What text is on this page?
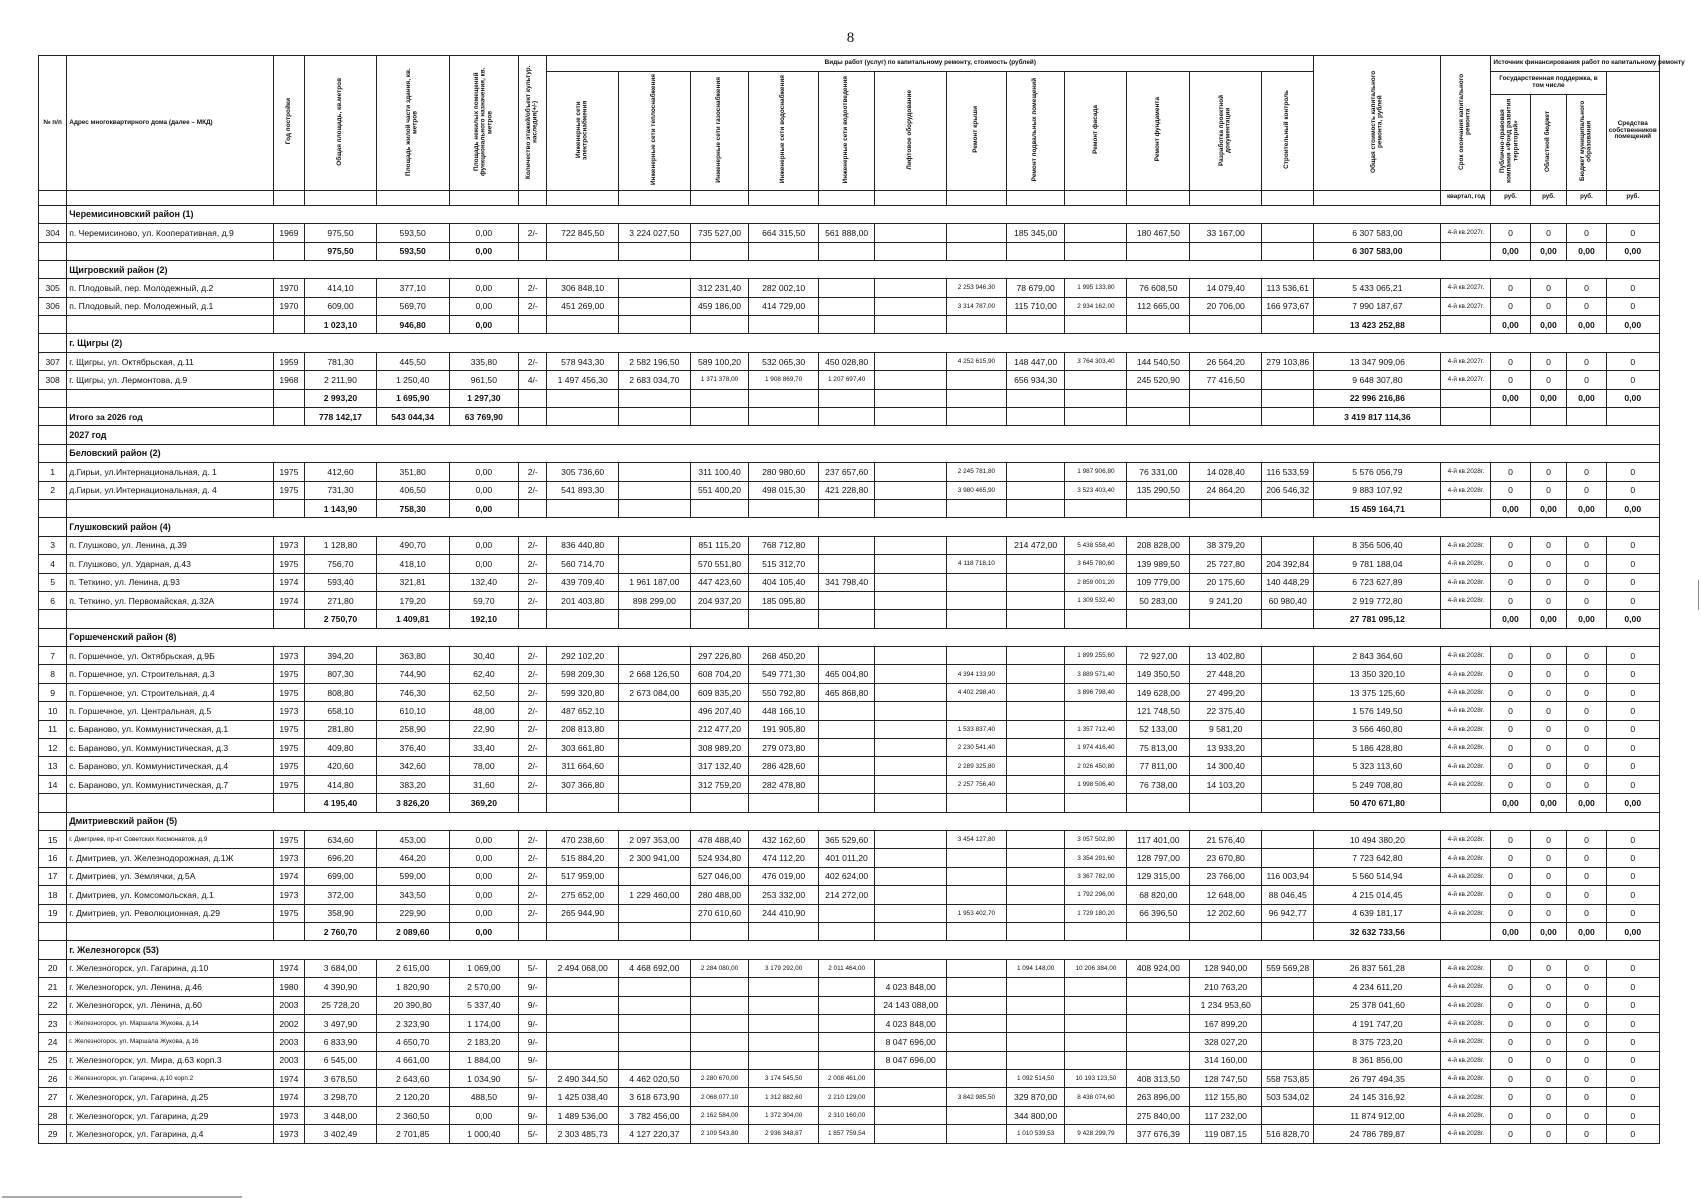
8
№ п/п	Адрес многоквартирного дома (далее – МКД)	Год постройки	Общая площадь, кв.метров	Площадь жилой части здания, кв. метров	Площадь нежилых помещений функционального назначения, кв. метров	Количество этажей/объект культур. наследия(+/-)	Виды работ (услуг) по капитальному ремонту, стоимость (рублей)												Общая стоимость капитального ремонта, рублей	Срок окончания капитального ремонта	Источник финансирования работ по капитальному ремонту			
							Инженерные сети электроснабжения	Инженерные сети теплоснабжения	Инженерные сети газоснабжения	Инженерные сети водоснабжения	Инженерные сети водоотведения	Лифтовое оборудование	Ремонт крыши	Ремонт подвальных помещений	Ремонт фасада	Ремонт фундамента	Разработка проектной документации	Строительный контроль			Государственная поддержка, в том числе			Средства собственников помещений
																					Публично-правовая компания «Фонд развития территорий»	Областной бюджет	Бюджет муниципального образования	
																				квартал, год	руб.	руб.	руб.	руб.
	Черемисиновский район (1)																							
304	п. Черемисиново, ул. Кооперативная, д.9	1969	975,50	593,50	0,00	2/-	722 845,50	3 224 027,50	735 527,00	664 315,50	561 888,00			185 345,00		180 467,50	33 167,00		6 307 583,00	4-й кв.2027г.	0	0	0	0
			975,50	593,50	0,00														6 307 583,00		0,00	0,00	0,00	0,00
	Щигровский район (2)																							
305	п. Плодовый, пер. Молодежный, д.2	1970	414,10	377,10	0,00	2/-	306 848,10		312 231,40	282 002,10			2 253 946,30	78 679,00	1 995 133,80	76 608,50	14 079,40	113 536,61	5 433 065,21	4-й кв.2027г.	0	0	0	0
306	п. Плодовый, пер. Молодежный, д.1	1970	609,00	569,70	0,00	2/-	451 269,00		459 186,00	414 729,00			3 314 787,00	115 710,00	2 934 162,00	112 665,00	20 706,00	166 973,67	7 990 187,67	4-й кв.2027г.	0	0	0	0
			1 023,10	946,80	0,00														13 423 252,88		0,00	0,00	0,00	0,00
	г. Щигры (2)																							
307	г. Щигры, ул. Октябрьская, д.11	1959	781,30	445,50	335,80	2/-	578 943,30	2 582 196,50	589 100,20	532 065,30	450 028,80		4 252 615,90	148 447,00	3 764 303,40	144 540,50	26 564,20	279 103,86	13 347 909,06	4-й кв.2027г.	0	0	0	0
308	г. Щигры, ул. Лермонтова, д.9	1968	2 211,90	1 250,40	961,50	4/-	1 497 456,30	2 683 034,70	1 371 378,00	1 908 869,70	1 207 697,40			656 934,30		245 520,90	77 416,50		9 648 307,80	4-й кв.2027г.	0	0	0	0
			2 993,20	1 695,90	1 297,30														22 996 216,86		0,00	0,00	0,00	0,00
	Итого за 2026 год		778 142,17	543 044,34	63 769,90														3 419 817 114,36					
	2027 год																							
	Беловский район (2)																							
1	д.Гирьи, ул.Интернациональная, д. 1	1975	412,60	351,80	0,00	2/-	305 736,60		311 100,40	280 980,60	237 657,60		2 245 781,80		1 987 906,80	76 331,00	14 028,40	116 533,59	5 576 056,79	4-й кв.2028г.	0	0	0	0
2	д.Гирьи, ул.Интернациональная, д. 4	1975	731,30	406,50	0,00	2/-	541 893,30		551 400,20	498 015,30	421 228,80		3 980 465,90		3 523 403,40	135 290,50	24 864,20	206 546,32	9 883 107,92	4-й кв.2028г.	0	0	0	0
			1 143,90	758,30	0,00														15 459 164,71		0,00	0,00	0,00	0,00
	Глушковский район (4)																							
3	п. Глушково, ул. Ленина, д.39	1973	1 128,80	490,70	0,00	2/-	836 440,80		851 115,20	768 712,80				214 472,00	5 438 558,40	208 828,00	38 379,20		8 356 506,40	4-й кв.2028г.	0	0	0	0
4	п. Глушково, ул. Ударная, д.43	1975	756,70	418,10	0,00	2/-	560 714,70		570 551,80	515 312,70			4 118 718,10		3 645 780,60	139 989,50	25 727,80	204 392,84	9 781 188,04	4-й кв.2028г.	0	0	0	0
5	п. Теткино, ул. Ленина, д.93	1974	593,40	321,81	132,40	2/-	439 709,40	1 961 187,00	447 423,60	404 105,40	341 798,40				2 859 001,20	109 779,00	20 175,60	140 448,29	6 723 627,89	4-й кв.2028г.	0	0	0	0
6	п. Теткино, ул. Первомайская, д.32А	1974	271,80	179,20	59,70	2/-	201 403,80	898 299,00	204 937,20	185 095,80					1 309 532,40	50 283,00	9 241,20	60 980,40	2 919 772,80	4-й кв.2028г.	0	0	0	0
			2 750,70	1 409,81	192,10														27 781 095,12		0,00	0,00	0,00	0,00
	Горшеченский район (8)																							
7	п. Горшечное, ул. Октябрьская, д.9Б	1973	394,20	363,80	30,40	2/-	292 102,20		297 226,80	268 450,20					1 899 255,60	72 927,00	13 402,80		2 843 364,60	4-й кв.2028г.	0	0	0	0
8	п. Горшечное, ул. Строительная, д.3	1975	807,30	744,90	62,40	2/-	598 209,30	2 668 126,50	608 704,20	549 771,30	465 004,80		4 394 133,90		3 889 571,40	149 350,50	27 448,20		13 350 320,10	4-й кв.2028г.	0	0	0	0
9	п. Горшечное, ул. Строительная, д.4	1975	808,80	746,30	62,50	2/-	599 320,80	2 673 084,00	609 835,20	550 792,80	465 868,80		4 402 298,40		3 896 798,40	149 628,00	27 499,20		13 375 125,60	4-й кв.2028г.	0	0	0	0
10	п. Горшечное, ул. Центральная, д.5	1973	658,10	610,10	48,00	2/-	487 652,10		496 207,40	448 166,10						121 748,50	22 375,40		1 576 149,50	4-й кв.2028г.	0	0	0	0
11	с. Бараново, ул. Коммунистическая, д.1	1975	281,80	258,90	22,90	2/-	208 813,80		212 477,20	191 905,80			1 533 837,40		1 357 712,40	52 133,00	9 581,20		3 566 460,80	4-й кв.2028г.	0	0	0	0
12	с. Бараново, ул. Коммунистическая, д.3	1975	409,80	376,40	33,40	2/-	303 661,80		308 989,20	279 073,80			2 230 541,40		1 974 416,40	75 813,00	13 933,20		5 186 428,80	4-й кв.2028г.	0	0	0	0
13	с. Бараново, ул. Коммунистическая, д.4	1975	420,60	342,60	78,00	2/-	311 664,60		317 132,40	286 428,60			2 289 325,80		2 026 450,80	77 811,00	14 300,40		5 323 113,60	4-й кв.2028г.	0	0	0	0
14	с. Бараново, ул. Коммунистическая, д.7	1975	414,80	383,20	31,60	2/-	307 366,80		312 759,20	282 478,80			2 257 756,40		1 998 506,40	76 738,00	14 103,20		5 249 708,80	4-й кв.2028г.	0	0	0	0
			4 195,40	3 826,20	369,20														50 470 671,80		0,00	0,00	0,00	0,00
	Дмитриевский район (5)																							
15	г. Дмитриев, пр-кт Советских Космонавтов, д.9	1975	634,60	453,00	0,00	2/-	470 238,60	2 097 353,00	478 488,40	432 162,60	365 529,60		3 454 127,80		3 057 502,80	117 401,00	21 576,40		10 494 380,20	4-й кв.2028г.	0	0	0	0
16	г. Дмитриев, ул. Железнодорожная, д.1Ж	1973	696,20	464,20	0,00	2/-	515 884,20	2 300 941,00	524 934,80	474 112,20	401 011,20				3 354 291,60	128 797,00	23 670,80		7 723 642,80	4-й кв.2028г.	0	0	0	0
17	г. Дмитриев, ул. Землячки, д.5А	1974	699,00	599,00	0,00	2/-	517 959,00		527 046,00	476 019,00	402 624,00				3 367 782,00	129 315,00	23 766,00	116 003,94	5 560 514,94	4-й кв.2028г.	0	0	0	0
18	г. Дмитриев, ул. Комсомольская, д.1	1973	372,00	343,50	0,00	2/-	275 652,00	1 229 460,00	280 488,00	253 332,00	214 272,00				1 792 296,00	68 820,00	12 648,00	88 046,45	4 215 014,45	4-й кв.2028г.	0	0	0	0
19	г. Дмитриев, ул. Революционная, д.29	1975	358,90	229,90	0,00	2/-	265 944,90		270 610,60	244 410,90			1 953 402,70		1 729 180,20	66 396,50	12 202,60	96 942,77	4 639 181,17	4-й кв.2028г.	0	0	0	0
			2 760,70	2 089,60	0,00														32 632 733,56		0,00	0,00	0,00	0,00
	г. Железногорск (53)																							
20	г. Железногорск, ул. Гагарина, д.10	1974	3 684,00	2 615,00	1 069,00	5/-	2 494 068,00	4 468 692,00	2 284 080,00	3 179 292,00	2 011 464,00			1 094 148,00	10 206 384,00	408 924,00	128 940,00	559 569,28	26 837 561,28	4-й кв.2028г.	0	0	0	0
21	г. Железногорск, ул. Ленина, д.46	1980	4 390,90	1 820,90	2 570,00	9/-						4 023 848,00					210 763,20		4 234 611,20	4-й кв.2028г.	0	0	0	0
22	г. Железногорск, ул. Ленина, д.60	2003	25 728,20	20 390,80	5 337,40	9/-						24 143 088,00					1 234 953,60		25 378 041,60	4-й кв.2028г.	0	0	0	0
23	г. Железногорск, ул. Маршала Жукова, д.14	2002	3 497,90	2 323,90	1 174,00	9/-						4 023 848,00					167 899,20		4 191 747,20	4-й кв.2028г.	0	0	0	0
24	г. Железногорск, ул. Маршала Жукова, д.16	2003	6 833,90	4 650,70	2 183,20	9/-						8 047 696,00					328 027,20		8 375 723,20	4-й кв.2028г.	0	0	0	0
25	г. Железногорск, ул. Мира, д.63 корп.3	2003	6 545,00	4 661,00	1 884,00	9/-						8 047 696,00					314 160,00		8 361 856,00	4-й кв.2028г.	0	0	0	0
26	г. Железногорск, ул. Гагарина, д.10 корп.2	1974	3 678,50	2 643,60	1 034,90	5/-	2 490 344,50	4 462 020,50	2 280 670,00	3 174 545,50	2 008 461,00			1 092 514,50	10 193 123,50	408 313,50	128 747,50	558 753,85	26 797 494,35	4-й кв.2028г.	0	0	0	0
27	г. Железногорск, ул. Гагарина, д.25	1974	3 298,70	2 120,20	488,50	9/-	1 425 038,40	3 618 673,90	2 068 077,10	1 312 882,60	2 210 129,00		3 842 985,50	329 870,00	8 438 074,60	263 896,00	112 155,80	503 534,02	24 145 316,92	4-й кв.2028г.	0	0	0	0
28	г. Железногорск, ул. Гагарина, д.29	1973	3 448,00	2 360,50	0,00	9/-	1 489 536,00	3 782 456,00	2 162 584,00	1 372 304,00	2 310 160,00			344 800,00		275 840,00	117 232,00		11 874 912,00	4-й кв.2028г.	0	0	0	0
29	г. Железногорск, ул. Гагарина, д.4	1973	3 402,49	2 701,85	1 000,40	5/-	2 303 485,73	4 127 220,37	2 109 543,80	2 936 348,87	1 857 759,54			1 010 539,53	9 428 299,79	377 676,39	119 087,15	516 828,70	24 786 789,87	4-й кв.2028г.	0	0	0	0
